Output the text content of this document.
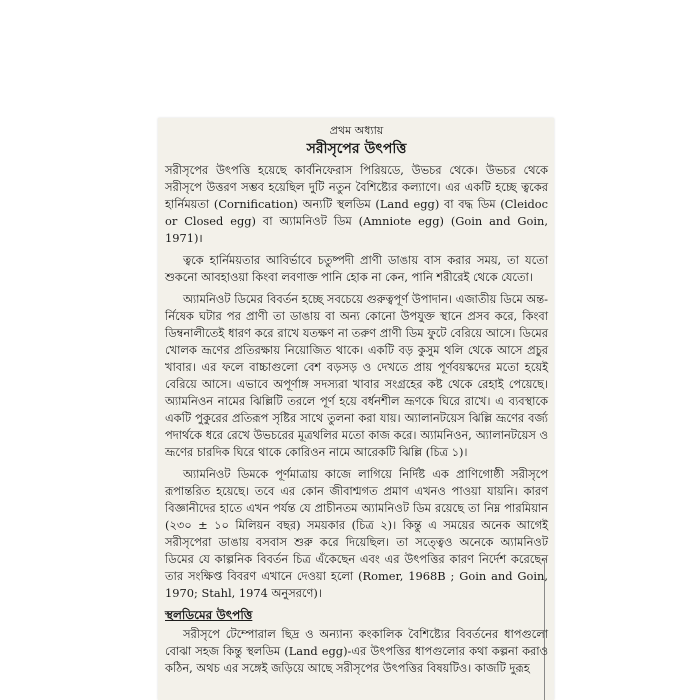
প্রথম অধ্যায়
সরীসৃপের উৎপত্তি

সরীসৃপের উৎপত্তি হয়েছে কার্বনিফেরাস পিরিয়ডে, উভচর থেকে। উভচর থেকে সরীসৃপে উত্তরণ সম্ভব হয়েছিল দুটি নতুন বৈশিষ্ট্যের কল্যাণে। এর একটি হচ্ছে ত্বকের হার্নিময়তা (Cornification) অন্যটি স্থলডিম (Land egg) বা বদ্ধ ডিম (Cleidoc or Closed egg) বা অ্যামনিওট ডিম (Amniote egg) (Goin and Goin, 1971)।

ত্বকে হার্নিময়তার আবির্ভাবে চতুষ্পদী প্রাণী ডাঙায় বাস করার সময়, তা যতো শুকনো আবহাওয়া কিংবা লবণাক্ত পানি হোক না কেন, পানি শরীরেই থেকে যেতো।

অ্যামনিওট ডিমের বিবর্তন হচ্ছে সবচেয়ে গুরুত্বপূর্ণ উপাদান। এজাতীয় ডিমে অন্ত-র্নিষেক ঘটার পর প্রাণী তা ডাঙায় বা অন্য কোনো উপযুক্ত স্থানে প্রসব করে, কিংবা ডিম্বনালীতেই ধারণ করে রাখে যতক্ষণ না তরুণ প্রাণী ডিম ফুটে বেরিয়ে আসে। ডিমের খোলক ভ্রূণের প্রতিরক্ষায় নিয়োজিত থাকে। একটি বড় কুসুম থলি থেকে আসে প্রচুর খাবার। এর ফলে বাচ্চাগুলো বেশ বড়সড় ও দেখতে প্রায় পূর্ণবয়স্কদের মতো হয়েই বেরিয়ে আসে। এভাবে অপূর্ণাঙ্গ সদস্যরা খাবার সংগ্রহের কষ্ট থেকে রেহাই পেয়েছে। অ্যামনিওন নামের ঝিল্লিটি তরলে পূর্ণ হয়ে বর্ধনশীল ভ্রূণকে ঘিরে রাখে। এ ব্যবস্থাকে একটি পুকুরের প্রতিরূপ সৃষ্টির সাথে তুলনা করা যায়। অ্যালানটয়েস ঝিল্লি ভ্রূণের বর্জ্য পদার্থকে ধরে রেখে উভচরের মূত্রথলির মতো কাজ করে। অ্যামনিওন, অ্যালানটয়েস ও ভ্রূণের চারদিক ঘিরে থাকে কোরিওন নামে আরেকটি ঝিল্লি (চিত্র ১)।

অ্যামনিওট ডিমকে পূর্ণমাত্রায় কাজে লাগিয়ে নির্দিষ্ট এক প্রাণিগোষ্ঠী সরীসৃপে রূপান্তরিত হয়েছে। তবে এর কোন জীবাশ্মগত প্রমাণ এখনও পাওয়া যায়নি। কারণ বিজ্ঞানীদের হাতে এখন পর্যন্ত যে প্রাচীনতম অ্যামনিওট ডিম রয়েছে তা নিম্ন পারমিয়ান (২৩০ ± ১০ মিলিয়ন বছর) সময়কার (চিত্র ২)। কিন্তু এ সময়ের অনেক আগেই সরীসৃপেরা ডাঙায় বসবাস শুরু করে দিয়েছিল। তা সত্ত্বেও অনেকে অ্যামনিওট ডিমের যে কাল্পনিক বিবর্তন চিত্র এঁকেছেন এবং এর উৎপত্তির কারণ নির্দেশ করেছেন তার সংক্ষিপ্ত বিবরণ এখানে দেওয়া হলো (Romer, 1968B ; Goin and Goin, 1970; Stahl, 1974 অনুসরণে)।

স্থলডিমের উৎপত্তি

সরীসৃপে টেম্পোরাল ছিদ্র ও অন্যান্য কংকালিক বৈশিষ্ট্যের বিবর্তনের ধাপগুলো বোঝা সহজ কিন্তু স্থলডিম (Land egg)-এর উৎপত্তির ধাপগুলোর কথা কল্পনা করাও কঠিন, অথচ এর সঙ্গেই জড়িয়ে আছে সরীসৃপের উৎপত্তির বিষয়টিও। কাজটি দুরূহ
